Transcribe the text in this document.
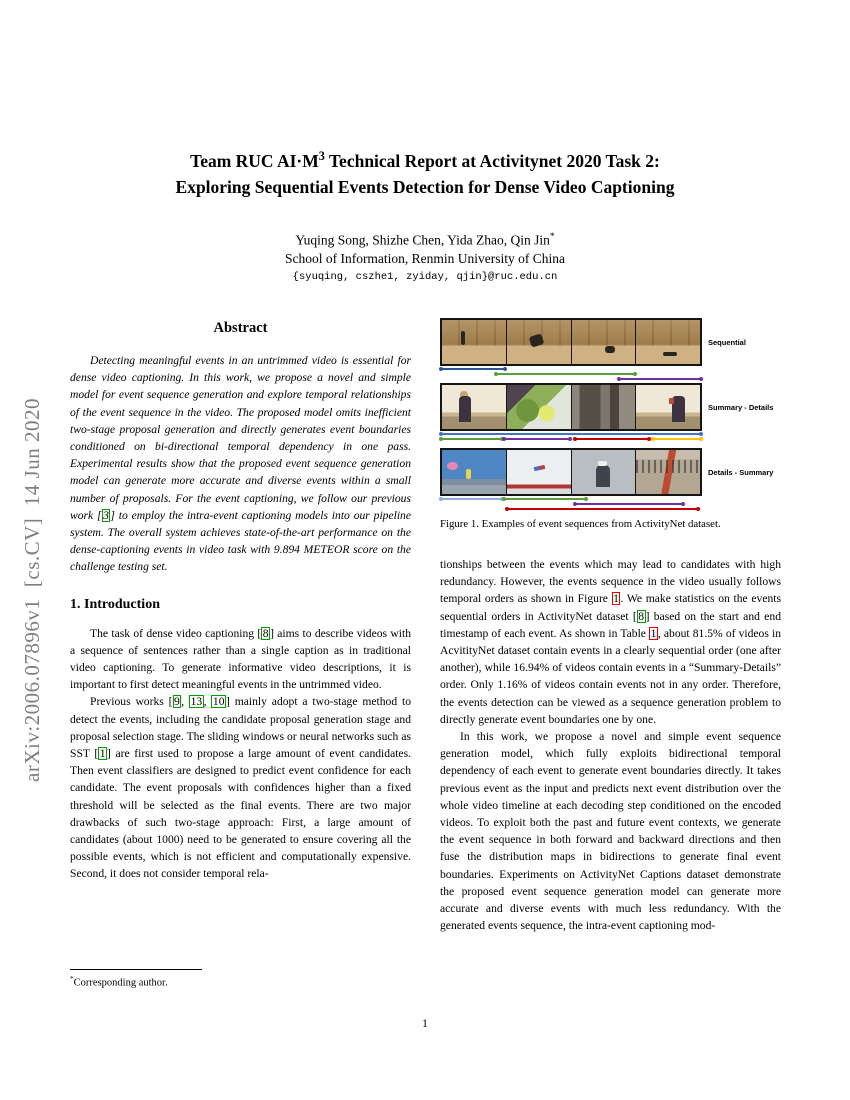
arXiv:2006.07896v1  [cs.CV]  14 Jun 2020
Team RUC $AI\cdot M^3$ Technical Report at Activitynet 2020 Task 2:
Exploring Sequential Events Detection for Dense Video Captioning
Yuqing Song, Shizhe Chen, Yida Zhao, Qin Jin*
School of Information, Renmin University of China
{syuqing, cszhe1, zyiday, qjin}@ruc.edu.cn
Abstract

Detecting meaningful events in an untrimmed video is essential for dense video captioning. In this work, we propose a novel and simple model for event sequence generation and explore temporal relationships of the event sequence in the video. The proposed model omits inefficient two-stage proposal generation and directly generates event boundaries conditioned on bi-directional temporal dependency in one pass. Experimental results show that the proposed event sequence generation model can generate more accurate and diverse events within a small number of proposals. For the event captioning, we follow our previous work [ 3 ] to employ the intra-event captioning models into our pipeline system. The overall system achieves state-of-the-art performance on the dense-captioning events in video task with 9.894 METEOR score on the challenge testing set.

1. Introduction

The task of dense video captioning [ 8 ] aims to describe videos with a sequence of sentences rather than a single caption as in traditional video captioning. To generate informative video descriptions, it is important to first detect meaningful events in the untrimmed video.

Previous works [ 9 , 13 , 10 ] mainly adopt a two-stage method to detect the events, including the candidate proposal generation stage and proposal selection stage. The sliding windows or neural networks such as SST [ 1 ] are first used to propose a large amount of event candidates. Then event classifiers are designed to predict event confidence for each candidate. The event proposals with confidences higher than a fixed threshold will be selected as the final events. There are two major drawbacks of such two-stage approach: First, a large amount of candidates (about 1000) need to be generated to ensure covering all the possible events, which is not efficient and computationally expensive. Second, it does not consider temporal rela-

Sequential
Summary - Details
Details - Summary
Figure 1. Examples of event sequences from ActivityNet dataset.

tionships between the events which may lead to candidates with high redundancy. However, the events sequence in the video usually follows temporal orders as shown in Figure 1 . We make statistics on the events sequential orders in ActivityNet dataset [ 8 ] based on the start and end timestamp of each event. As shown in Table 1 , about 81.5% of videos in AcvitityNet dataset contain events in a clearly sequential order (one after another), while 16.94% of videos contain events in a “Summary-Details” order. Only 1.16% of videos contain events not in any order. Therefore, the events detection can be viewed as a sequence generation problem to directly generate event boundaries one by one.

In this work, we propose a novel and simple event sequence generation model, which fully exploits bidirectional temporal dependency of each event to generate event boundaries directly. It takes previous event as the input and predicts next event distribution over the whole video timeline at each decoding step conditioned on the encoded videos. To exploit both the past and future event contexts, we generate the event sequence in both forward and backward directions and then fuse the distribution maps in bidirections to generate final event boundaries. Experiments on ActivityNet Captions dataset demonstrate the proposed event sequence generation model can generate more accurate and diverse events with much less redundancy. With the generated events sequence, the intra-event captioning mod-

*Corresponding author.
1
